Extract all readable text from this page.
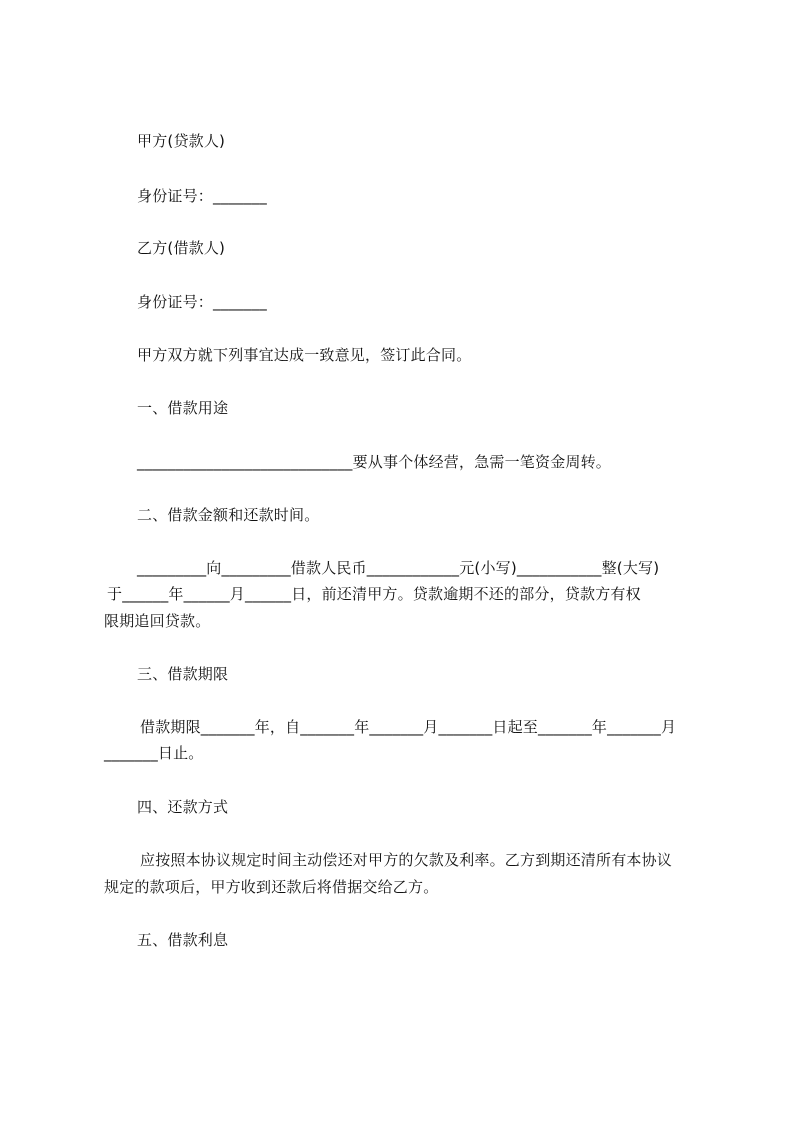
甲方(贷款人)
身份证号：_______
乙方(借款人)
身份证号：_______
甲方双方就下列事宜达成一致意见，签订此合同。
一、借款用途
____________________________要从事个体经营，急需一笔资金周转。
二、借款金额和还款时间。
_________向_________借款人民币____________元(小写)___________整(大写)
于______年______月______日，前还清甲方。贷款逾期不还的部分，贷款方有权
限期追回贷款。
三、借款期限
借款期限_______年，自_______年_______月_______日起至_______年_______月
_______日止。
四、还款方式
应按照本协议规定时间主动偿还对甲方的欠款及利率。乙方到期还清所有本协议
规定的款项后，甲方收到还款后将借据交给乙方。
五、借款利息
